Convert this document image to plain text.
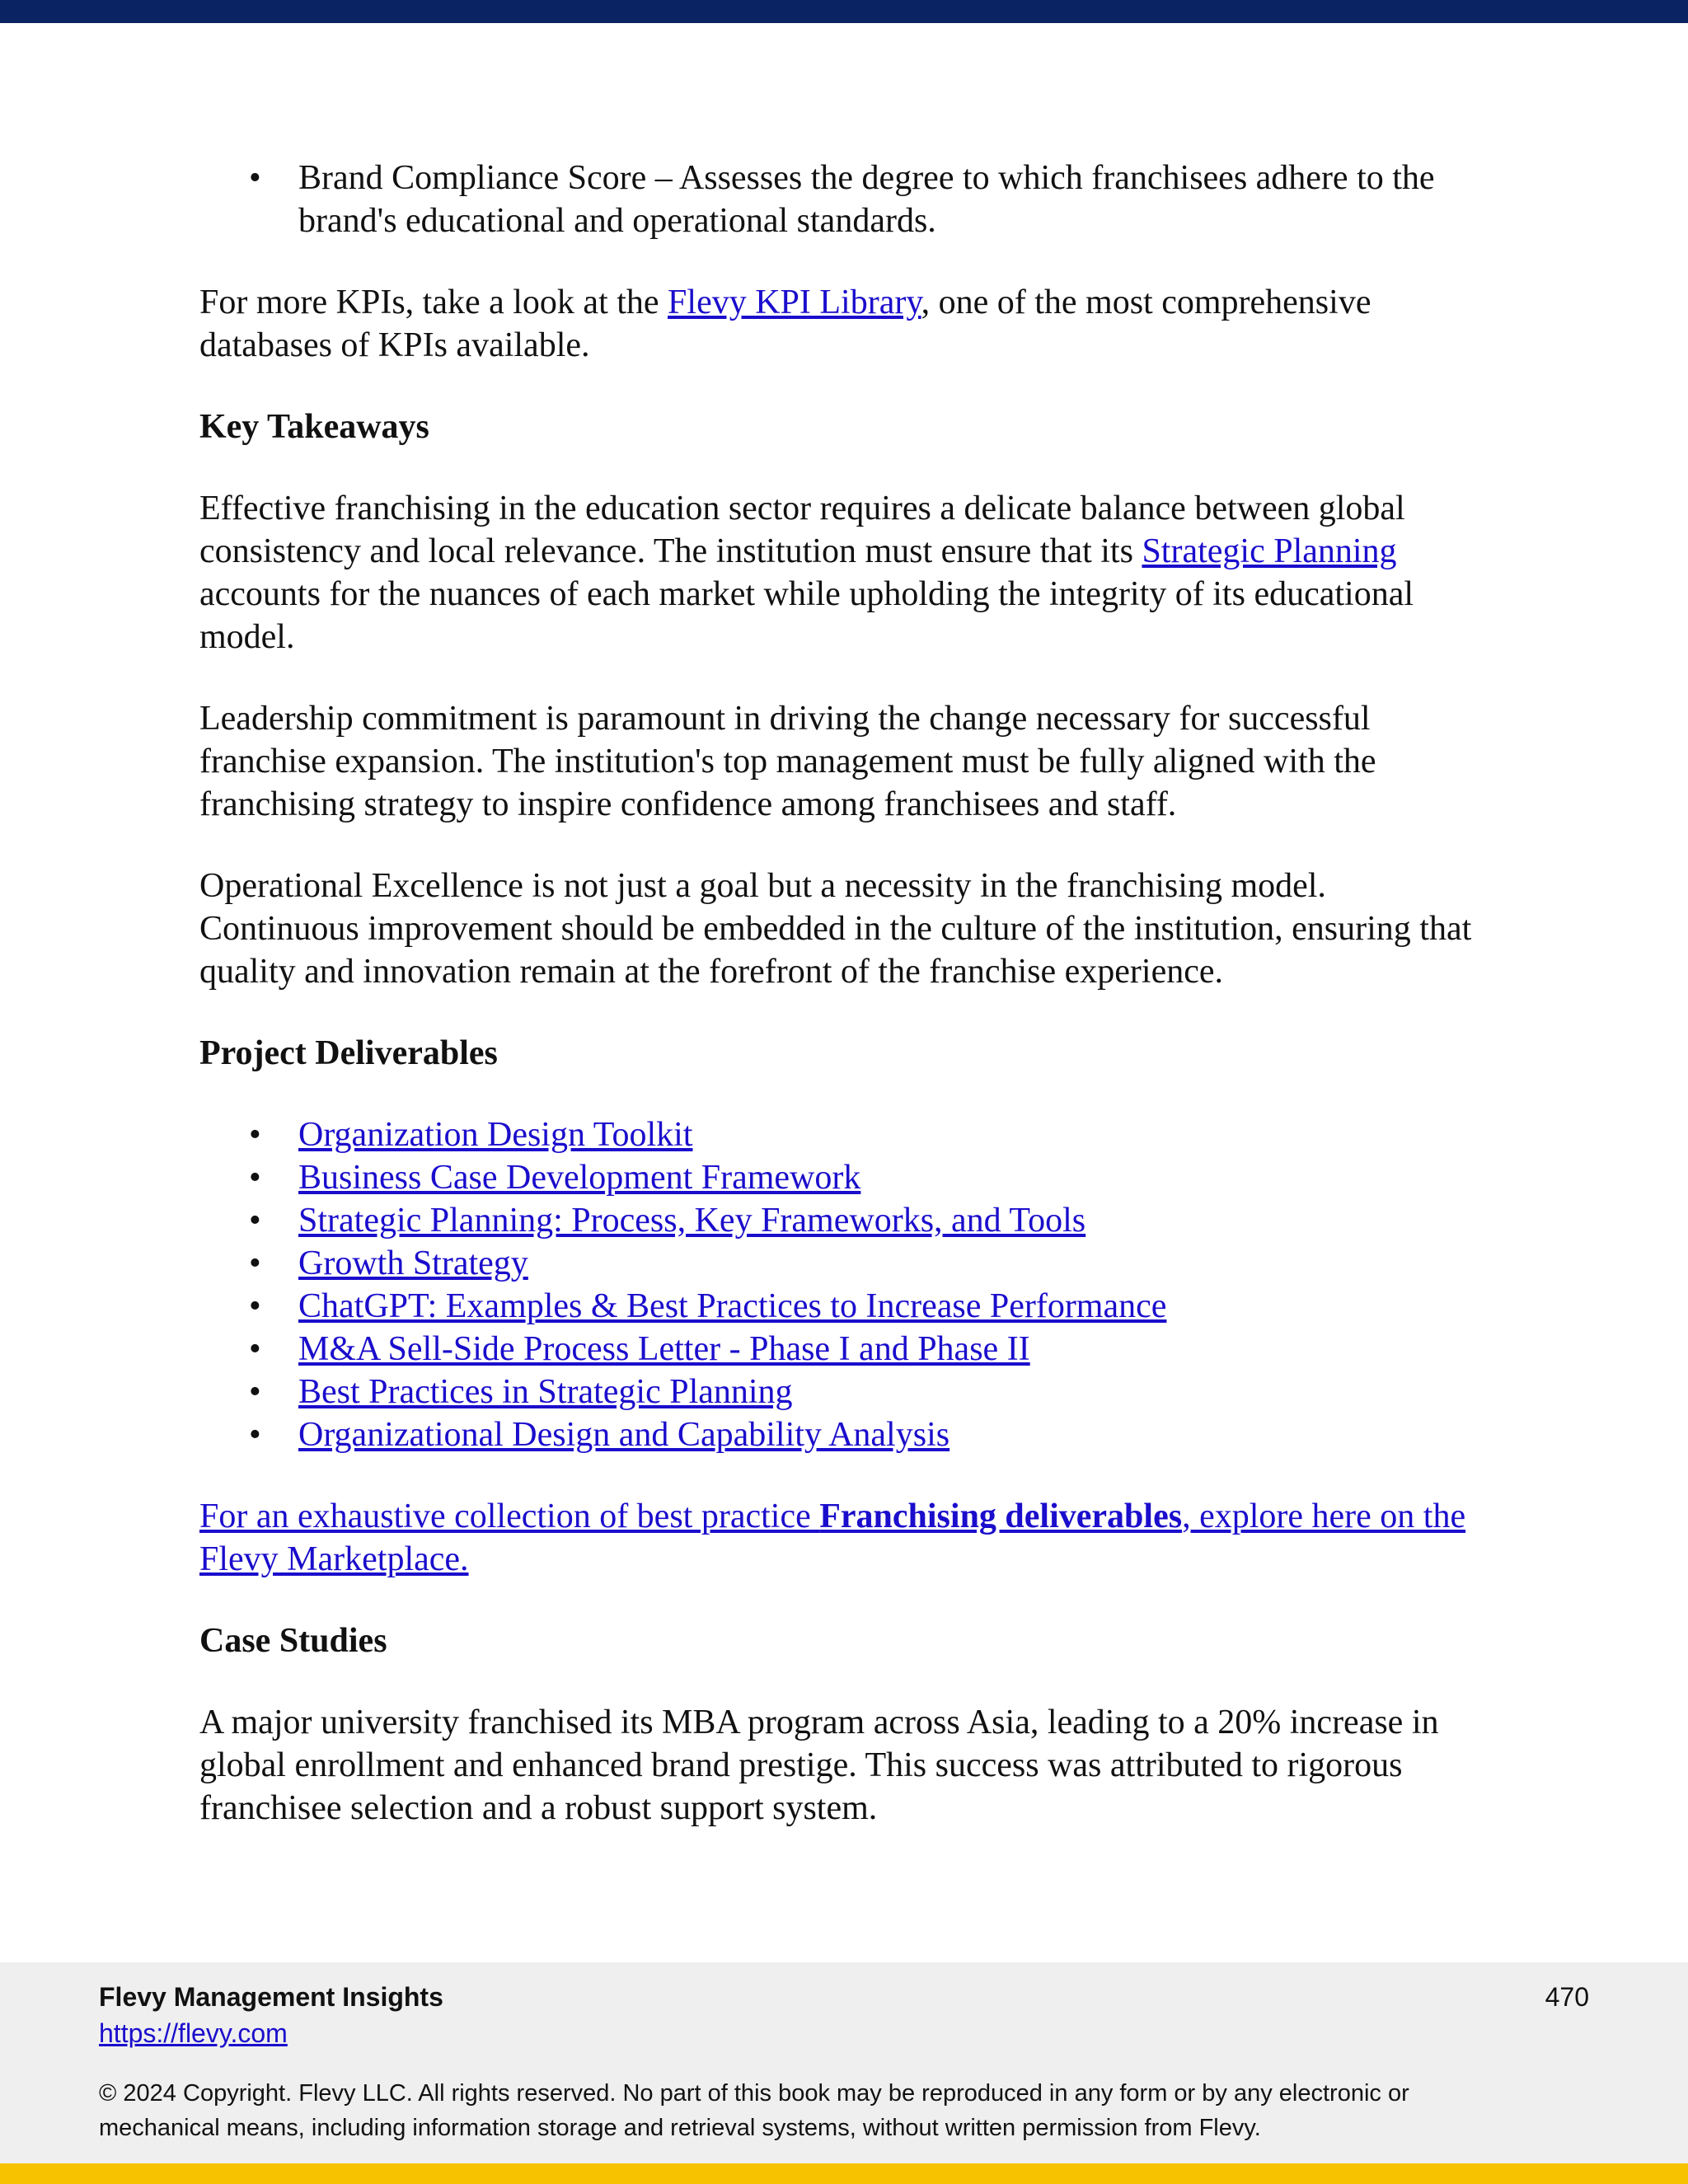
• Brand Compliance Score – Assesses the degree to which franchisees adhere to the brand's educational and operational standards.

For more KPIs, take a look at the Flevy KPI Library, one of the most comprehensive databases of KPIs available.

Key Takeaways

Effective franchising in the education sector requires a delicate balance between global consistency and local relevance. The institution must ensure that its Strategic Planning accounts for the nuances of each market while upholding the integrity of its educational model.

Leadership commitment is paramount in driving the change necessary for successful franchise expansion. The institution's top management must be fully aligned with the franchising strategy to inspire confidence among franchisees and staff.

Operational Excellence is not just a goal but a necessity in the franchising model. Continuous improvement should be embedded in the culture of the institution, ensuring that quality and innovation remain at the forefront of the franchise experience.

Project Deliverables
• Organization Design Toolkit
• Business Case Development Framework
• Strategic Planning: Process, Key Frameworks, and Tools
• Growth Strategy
• ChatGPT: Examples & Best Practices to Increase Performance
• M&A Sell-Side Process Letter - Phase I and Phase II
• Best Practices in Strategic Planning
• Organizational Design and Capability Analysis

For an exhaustive collection of best practice Franchising deliverables, explore here on the Flevy Marketplace.

Case Studies

A major university franchised its MBA program across Asia, leading to a 20% increase in global enrollment and enhanced brand prestige. This success was attributed to rigorous franchisee selection and a robust support system.

Flevy Management Insights
https://flevy.com
470
© 2024 Copyright. Flevy LLC. All rights reserved. No part of this book may be reproduced in any form or by any electronic or mechanical means, including information storage and retrieval systems, without written permission from Flevy.
